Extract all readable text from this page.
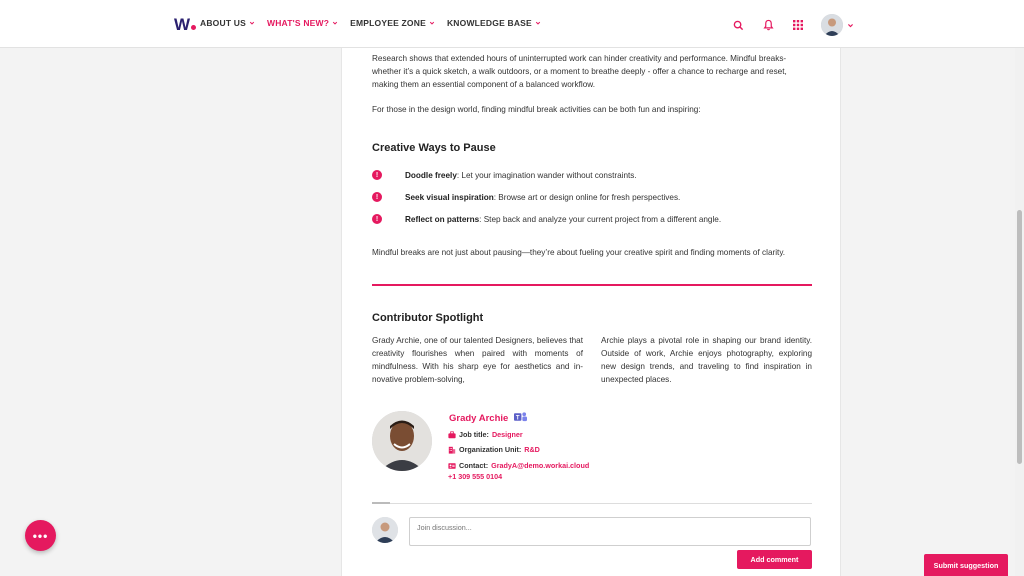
W	ABOUT US WHAT'S NEW? EMPLOYEE ZONE KNOWLEDGE BASE

Research shows that extended hours of uninterrupted work can hinder creativity and performance. Mindful breaks- whether it’s a quick sketch, a walk outdoors, or a moment to breathe deeply - offer a chance to recharge and reset, making them an essential component of a balanced workflow.

For those in the design world, finding mindful break activities can be both fun and inspiring:

Creative Ways to Pause
!	Doodle freely: Let your imagination wander without constraints.
!	Seek visual inspiration: Browse art or design online for fresh perspectives.
!	Reflect on patterns: Step back and analyze your current project from a different angle.

Mindful breaks are not just about pausing—they’re about fueling your creative spirit and finding moments of clarity.

Contributor Spotlight
Grady Archie, one of our talented Designers, believes that creativity flourishes when paired with moments of mindfulness. With his sharp eye for aesthetics and innovative problem-solving,
Archie plays a pivotal role in shaping our brand identity. Outside of work, Archie enjoys photography, exploring new design trends, and traveling to find inspiration in unexpected places.
Grady Archie T
Job title: Designer
Organization Unit: R&D
Contact: GradyA@demo.workai.cloud
+1 309 555 0104
Join discussion...
Add comment
•••
Submit suggestion
